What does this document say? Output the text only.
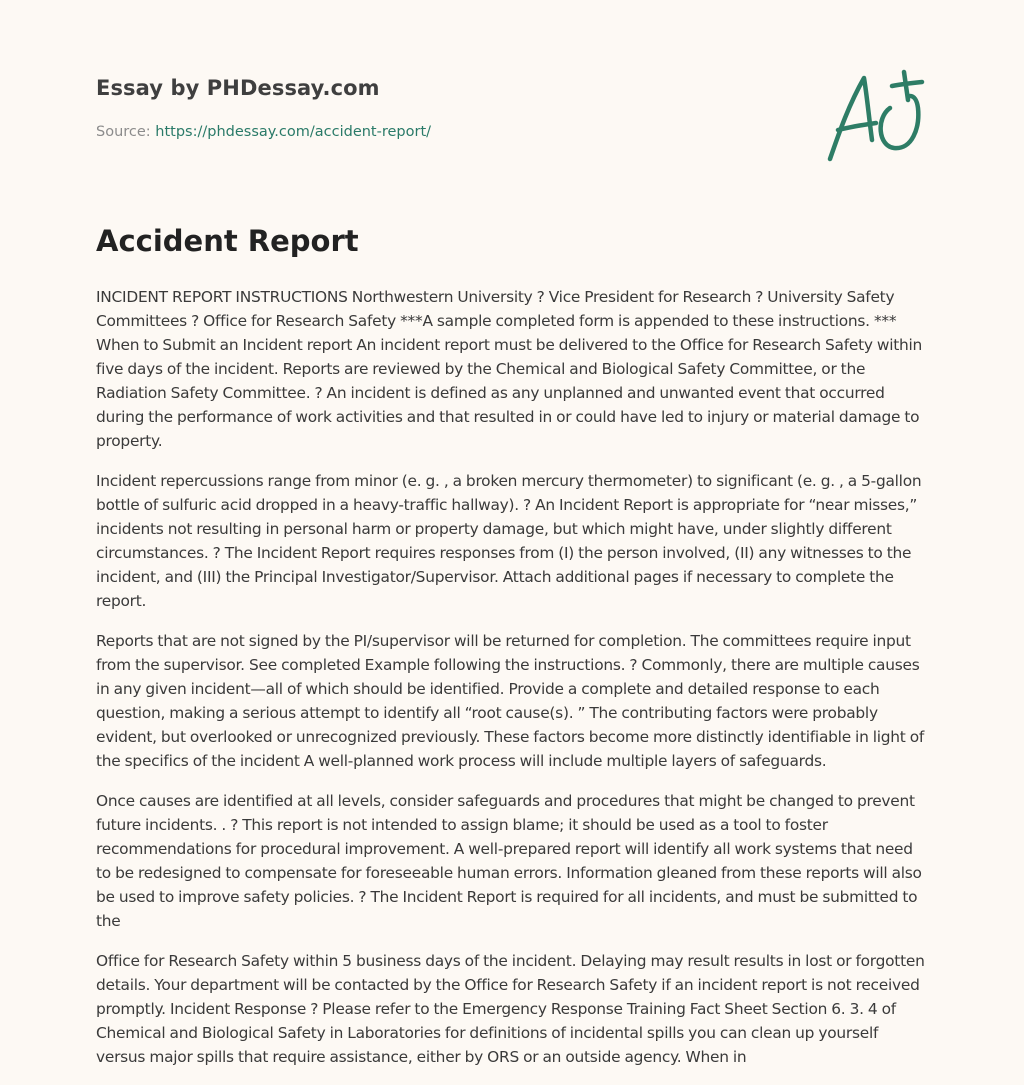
Essay by PHDessay.com
Source: https://phdessay.com/accident-report/
Accident Report

INCIDENT REPORT INSTRUCTIONS Northwestern University ? Vice President for Research ? University Safety Committees ? Office for Research Safety ***A sample completed form is appended to these instructions. *** When to Submit an Incident report An incident report must be delivered to the Office for Research Safety within five days of the incident. Reports are reviewed by the Chemical and Biological Safety Committee, or the Radiation Safety Committee. ? An incident is defined as any unplanned and unwanted event that occurred during the performance of work activities and that resulted in or could have led to injury or material damage to property.

Incident repercussions range from minor (e. g. , a broken mercury thermometer) to significant (e. g. , a 5-gallon bottle of sulfuric acid dropped in a heavy-traffic hallway). ? An Incident Report is appropriate for “near misses,” incidents not resulting in personal harm or property damage, but which might have, under slightly different circumstances. ? The Incident Report requires responses from (I) the person involved, (II) any witnesses to the incident, and (III) the Principal Investigator/Supervisor. Attach additional pages if necessary to complete the report.

Reports that are not signed by the PI/supervisor will be returned for completion. The committees require input from the supervisor. See completed Example following the instructions. ? Commonly, there are multiple causes in any given incident—all of which should be identified. Provide a complete and detailed response to each question, making a serious attempt to identify all “root cause(s). ” The contributing factors were probably evident, but overlooked or unrecognized previously. These factors become more distinctly identifiable in light of the specifics of the incident A well-planned work process will include multiple layers of safeguards.

Once causes are identified at all levels, consider safeguards and procedures that might be changed to prevent future incidents. . ? This report is not intended to assign blame; it should be used as a tool to foster recommendations for procedural improvement. A well-prepared report will identify all work systems that need to be redesigned to compensate for foreseeable human errors. Information gleaned from these reports will also be used to improve safety policies. ? The Incident Report is required for all incidents, and must be submitted to the

Office for Research Safety within 5 business days of the incident. Delaying may result results in lost or forgotten details. Your department will be contacted by the Office for Research Safety if an incident report is not received promptly. Incident Response ? Please refer to the Emergency Response Training Fact Sheet Section 6. 3. 4 of Chemical and Biological Safety in Laboratories for definitions of incidental spills you can clean up yourself versus major spills that require assistance, either by ORS or an outside agency. When in
